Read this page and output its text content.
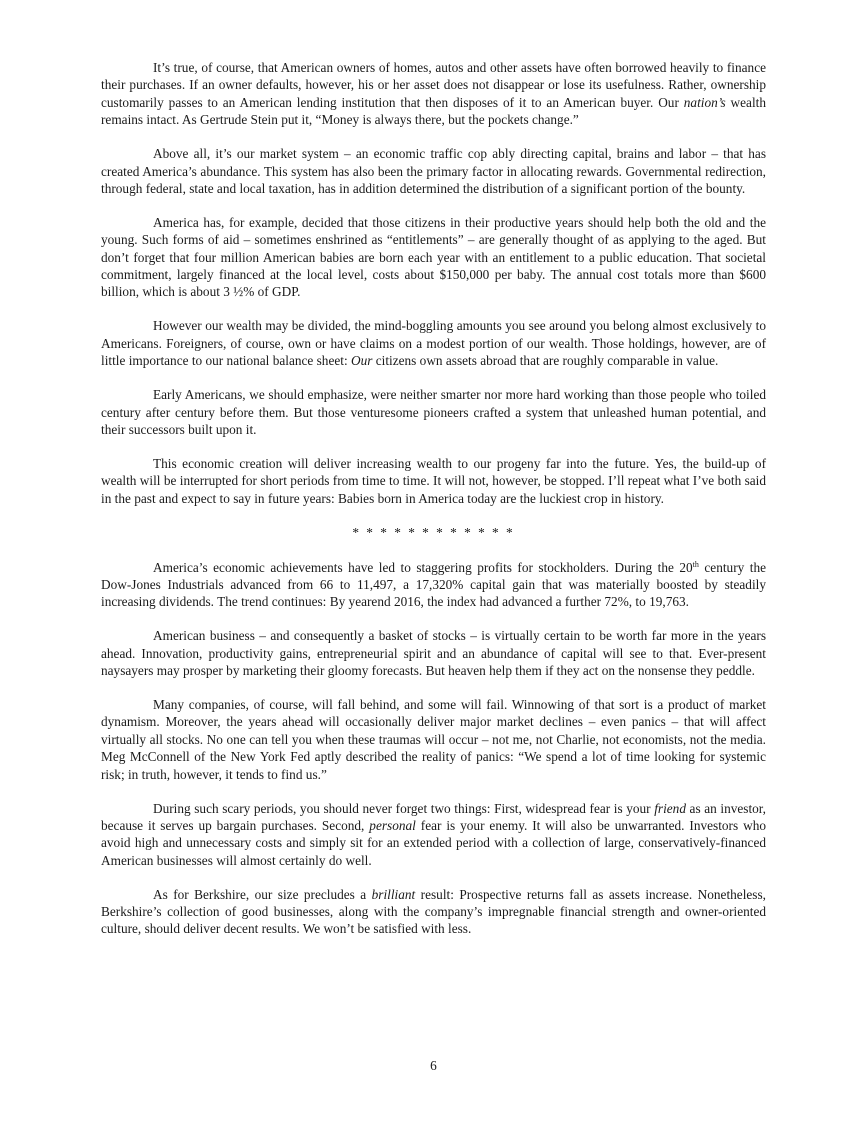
It’s true, of course, that American owners of homes, autos and other assets have often borrowed heavily to finance their purchases. If an owner defaults, however, his or her asset does not disappear or lose its usefulness. Rather, ownership customarily passes to an American lending institution that then disposes of it to an American buyer. Our nation’s wealth remains intact. As Gertrude Stein put it, “Money is always there, but the pockets change.”

Above all, it’s our market system – an economic traffic cop ably directing capital, brains and labor – that has created America’s abundance. This system has also been the primary factor in allocating rewards. Governmental redirection, through federal, state and local taxation, has in addition determined the distribution of a significant portion of the bounty.

America has, for example, decided that those citizens in their productive years should help both the old and the young. Such forms of aid – sometimes enshrined as “entitlements” – are generally thought of as applying to the aged. But don’t forget that four million American babies are born each year with an entitlement to a public education. That societal commitment, largely financed at the local level, costs about $150,000 per baby. The annual cost totals more than $600 billion, which is about 3 ½% of GDP.

However our wealth may be divided, the mind-boggling amounts you see around you belong almost exclusively to Americans. Foreigners, of course, own or have claims on a modest portion of our wealth. Those holdings, however, are of little importance to our national balance sheet: Our citizens own assets abroad that are roughly comparable in value.

Early Americans, we should emphasize, were neither smarter nor more hard working than those people who toiled century after century before them. But those venturesome pioneers crafted a system that unleashed human potential, and their successors built upon it.

This economic creation will deliver increasing wealth to our progeny far into the future. Yes, the build-up of wealth will be interrupted for short periods from time to time. It will not, however, be stopped. I’ll repeat what I’ve both said in the past and expect to say in future years: Babies born in America today are the luckiest crop in history.

* * * * * * * * * * * *

America’s economic achievements have led to staggering profits for stockholders. During the 20th century the Dow-Jones Industrials advanced from 66 to 11,497, a 17,320% capital gain that was materially boosted by steadily increasing dividends. The trend continues: By yearend 2016, the index had advanced a further 72%, to 19,763.

American business – and consequently a basket of stocks – is virtually certain to be worth far more in the years ahead. Innovation, productivity gains, entrepreneurial spirit and an abundance of capital will see to that. Ever-present naysayers may prosper by marketing their gloomy forecasts. But heaven help them if they act on the nonsense they peddle.

Many companies, of course, will fall behind, and some will fail. Winnowing of that sort is a product of market dynamism. Moreover, the years ahead will occasionally deliver major market declines – even panics – that will affect virtually all stocks. No one can tell you when these traumas will occur – not me, not Charlie, not economists, not the media. Meg McConnell of the New York Fed aptly described the reality of panics: “We spend a lot of time looking for systemic risk; in truth, however, it tends to find us.”

During such scary periods, you should never forget two things: First, widespread fear is your friend as an investor, because it serves up bargain purchases. Second, personal fear is your enemy. It will also be unwarranted. Investors who avoid high and unnecessary costs and simply sit for an extended period with a collection of large, conservatively-financed American businesses will almost certainly do well.

As for Berkshire, our size precludes a brilliant result: Prospective returns fall as assets increase. Nonetheless, Berkshire’s collection of good businesses, along with the company’s impregnable financial strength and owner-oriented culture, should deliver decent results. We won’t be satisfied with less.

6
